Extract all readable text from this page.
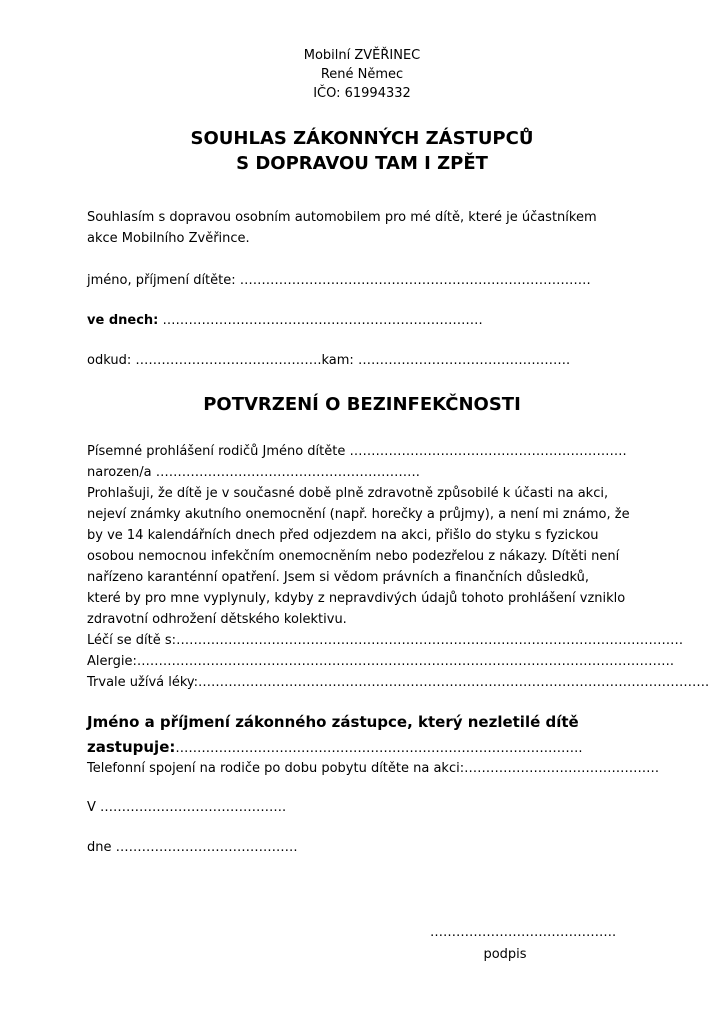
Mobilní ZVĚŘINEC
René Němec
IČO: 61994332
SOUHLAS ZÁKONNÝCH ZÁSTUPCŮ
S DOPRAVOU TAM I ZPĚT
Souhlasím s dopravou osobním automobilem pro mé dítě, které je účastníkem
akce Mobilního Zvěřince.
jméno, příjmení dítěte: ………………………………………………………………………
ve dnech: ……………….……………….………………………………
odkud: …………………………………….kam: ………………………………………….
POTVRZENÍ O BEZINFEKČNOSTI
Písemné prohlášení rodičů Jméno dítěte ……………………………………………………….
narozen/a …………………………………………………….
Prohlašuji, že dítě je v současné době plně zdravotně způsobilé k účasti na akci,
nejeví známky akutního onemocnění (např. horečky a průjmy), a není mi známo, že
by ve 14 kalendářních dnech před odjezdem na akci, přišlo do styku s fyzickou
osobou nemocnou infekčním onemocněním nebo podezřelou z nákazy. Dítěti není
nařízeno karanténní opatření. Jsem si vědom právních a finančních důsledků,
které by pro mne vyplynuly, kdyby z nepravdivých údajů tohoto prohlášení vzniklo
zdravotní odhrožení dětského kolektivu.
Léčí se dítě s:………………………………………………………………………………………………………
Alergie:…………………………………………………………………………………………………………….
Trvale užívá léky:……………………………………………………………………………………………………….
Jméno a příjmení zákonného zástupce, který nezletilé dítě
zastupuje:………………………………………………………………………………….
Telefonní spojení na rodiče po dobu pobytu dítěte na akci:………………………………………
V …………………………………….
dne ……………………………………
…………………………………….
podpis
